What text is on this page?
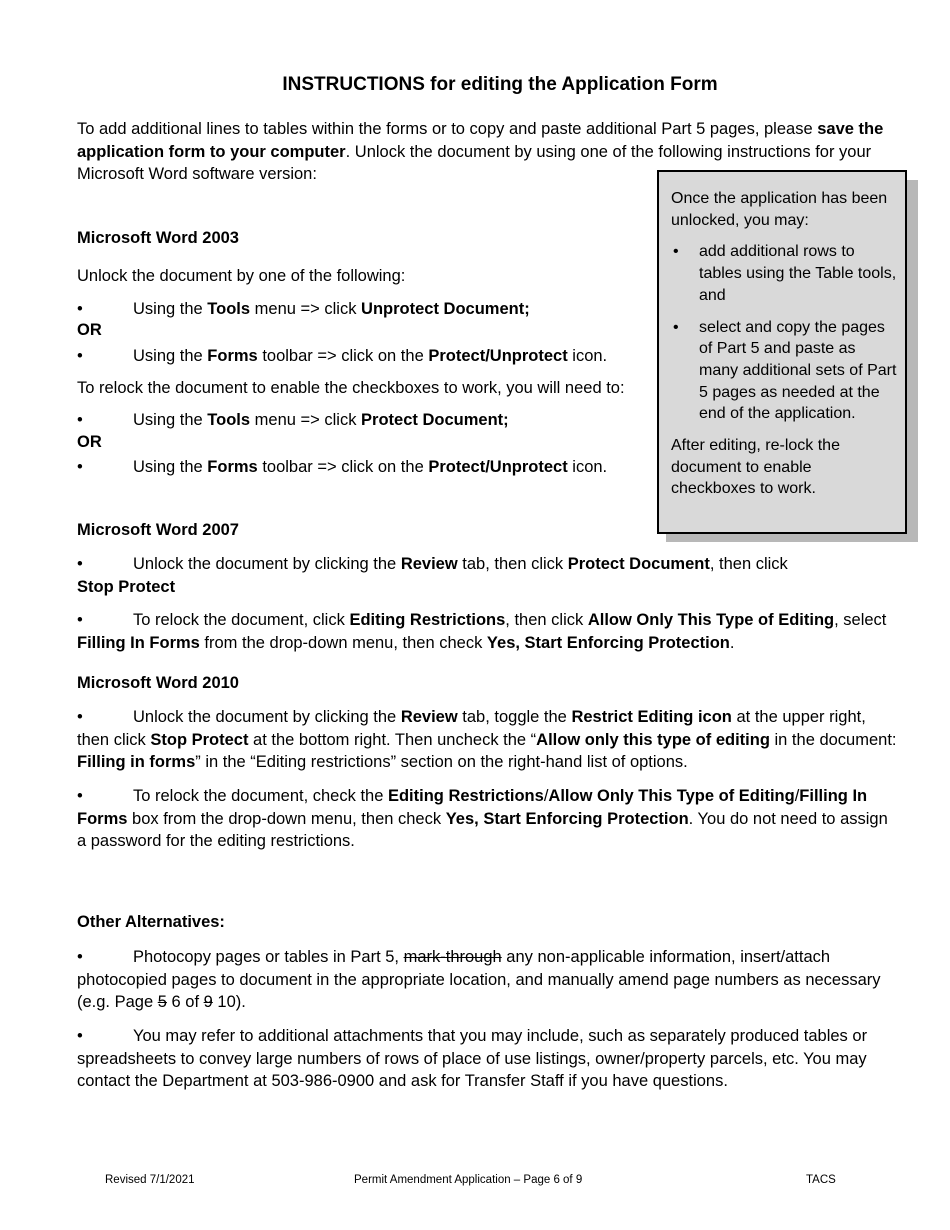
INSTRUCTIONS for editing the Application Form
To add additional lines to tables within the forms or to copy and paste additional Part 5 pages, please save the application form to your computer. Unlock the document by using one of the following instructions for your Microsoft Word software version:
Microsoft Word 2003
Unlock the document by one of the following:
•	Using the Tools menu => click Unprotect Document;
OR
•	Using the Forms toolbar => click on the Protect/Unprotect icon.
To relock the document to enable the checkboxes to work, you will need to:
•	Using the Tools menu => click Protect Document;
OR
•	Using the Forms toolbar => click on the Protect/Unprotect icon.
Once the application has been unlocked, you may:
• add additional rows to tables using the Table tools, and
• select and copy the pages of Part 5 and paste as many additional sets of Part 5 pages as needed at the end of the application.
After editing, re-lock the document to enable checkboxes to work.
Microsoft Word 2007
•	Unlock the document by clicking the Review tab, then click Protect Document, then click
Stop Protect
•	To relock the document, click Editing Restrictions, then click Allow Only This Type of Editing, select Filling In Forms from the drop-down menu, then check Yes, Start Enforcing Protection.
Microsoft Word 2010
•	Unlock the document by clicking the Review tab, toggle the Restrict Editing icon at the upper right, then click Stop Protect at the bottom right. Then uncheck the “Allow only this type of editing in the document: Filling in forms” in the “Editing restrictions” section on the right-hand list of options.
•	To relock the document, check the Editing Restrictions/Allow Only This Type of Editing/Filling In Forms box from the drop-down menu, then check Yes, Start Enforcing Protection. You do not need to assign a password for the editing restrictions.
Other Alternatives:
•	Photocopy pages or tables in Part 5, mark-through any non-applicable information, insert/attach photocopied pages to document in the appropriate location, and manually amend page numbers as necessary (e.g. Page 5 6 of 9 10).
•	You may refer to additional attachments that you may include, such as separately produced tables or spreadsheets to convey large numbers of rows of place of use listings, owner/property parcels, etc. You may contact the Department at 503-986-0900 and ask for Transfer Staff if you have questions.
Revised 7/1/2021	Permit Amendment Application – Page 6 of 9	TACS
